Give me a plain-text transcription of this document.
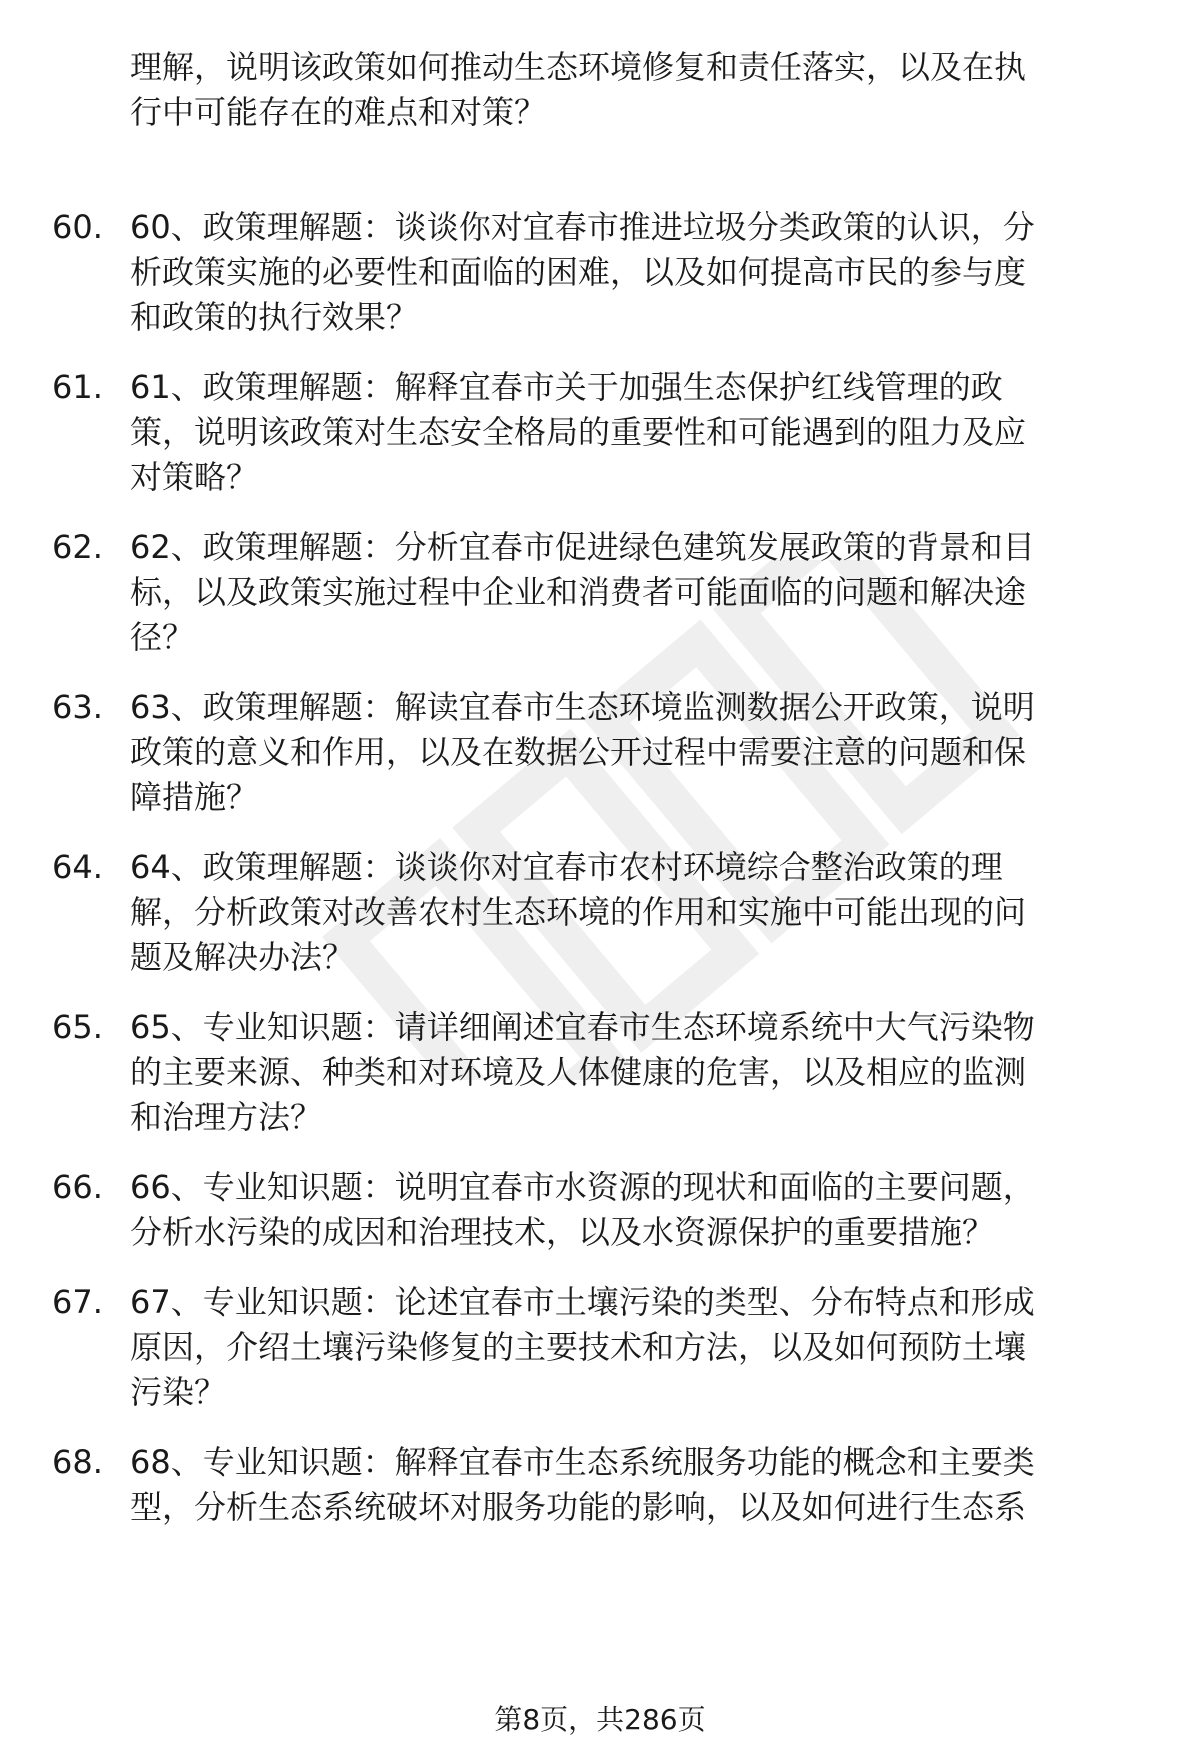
理解，说明该政策如何推动生态环境修复和责任落实，以及在执
行中可能存在的难点和对策？
60. 60、政策理解题：谈谈你对宜春市推进垃圾分类政策的认识，分
析政策实施的必要性和面临的困难，以及如何提高市民的参与度
和政策的执行效果？
61. 61、政策理解题：解释宜春市关于加强生态保护红线管理的政
策，说明该政策对生态安全格局的重要性和可能遇到的阻力及应
对策略？
62. 62、政策理解题：分析宜春市促进绿色建筑发展政策的背景和目
标，以及政策实施过程中企业和消费者可能面临的问题和解决途
径？
63. 63、政策理解题：解读宜春市生态环境监测数据公开政策，说明
政策的意义和作用，以及在数据公开过程中需要注意的问题和保
障措施？
64. 64、政策理解题：谈谈你对宜春市农村环境综合整治政策的理
解，分析政策对改善农村生态环境的作用和实施中可能出现的问
题及解决办法？
65. 65、专业知识题：请详细阐述宜春市生态环境系统中大气污染物
的主要来源、种类和对环境及人体健康的危害，以及相应的监测
和治理方法？
66. 66、专业知识题：说明宜春市水资源的现状和面临的主要问题，
分析水污染的成因和治理技术，以及水资源保护的重要措施？
67. 67、专业知识题：论述宜春市土壤污染的类型、分布特点和形成
原因，介绍土壤污染修复的主要技术和方法，以及如何预防土壤
污染？
68. 68、专业知识题：解释宜春市生态系统服务功能的概念和主要类
型，分析生态系统破坏对服务功能的影响，以及如何进行生态系
第8页，共286页
